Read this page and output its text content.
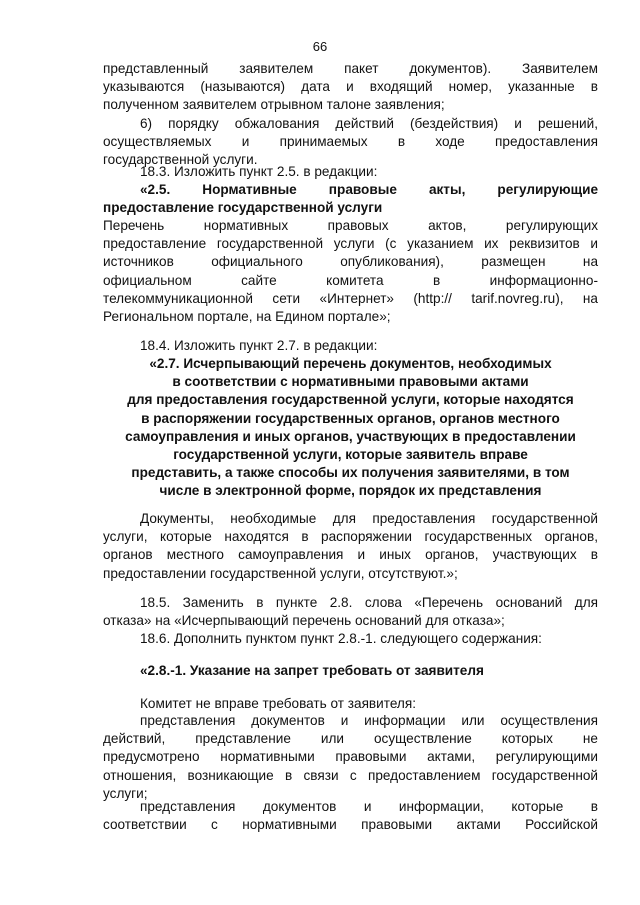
66

представленный заявителем пакет документов). Заявителем

указываются (называются) дата и входящий номер, указанные в

полученном заявителем отрывном талоне заявления;

6) порядку обжалования действий (бездействия) и решений,

осуществляемых и принимаемых в ходе предоставления

государственной услуги.

18.3. Изложить пункт 2.5. в редакции:

«2.5. Нормативные правовые акты, регулирующие

предоставление государственной услуги

Перечень нормативных правовых актов, регулирующих

предоставление государственной услуги (с указанием их реквизитов и

источников официального опубликования), размещен на

официальном сайте комитета в информационно-

телекоммуникационной сети «Интернет» (http:// tarif.novreg.ru), на

Региональном портале, на Едином портале»;

18.4. Изложить пункт 2.7. в редакции:

«2.7. Исчерпывающий перечень документов, необходимых

в соответствии с нормативными правовыми актами

для предоставления государственной услуги, которые находятся

в распоряжении государственных органов, органов местного

самоуправления и иных органов, участвующих в предоставлении

государственной услуги, которые заявитель вправе

представить, а также способы их получения заявителями, в том

числе в электронной форме, порядок их представления

Документы, необходимые для предоставления государственной

услуги, которые находятся в распоряжении государственных органов,

органов местного самоуправления и иных органов, участвующих в

предоставлении государственной услуги, отсутствуют.»;

18.5. Заменить в пункте 2.8. слова «Перечень оснований для

отказа» на «Исчерпывающий перечень оснований для отказа»;

18.6. Дополнить пунктом пункт 2.8.-1. следующего содержания:

«2.8.-1. Указание на запрет требовать от заявителя

Комитет не вправе требовать от заявителя:

представления документов и информации или осуществления

действий, представление или осуществление которых не

предусмотрено нормативными правовыми актами, регулирующими

отношения, возникающие в связи с предоставлением государственной

услуги;

представления документов и информации, которые в

соответствии с нормативными правовыми актами Российской
